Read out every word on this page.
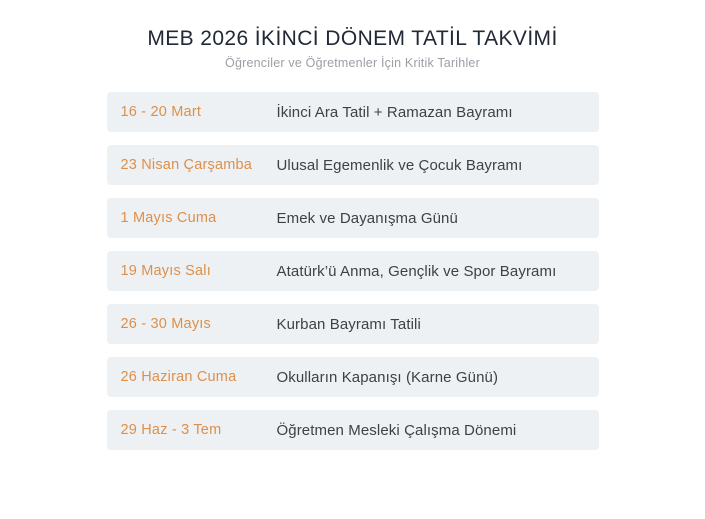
MEB 2026 İKİNCİ DÖNEM TATİL TAKVİMİ
Öğrenciler ve Öğretmenler İçin Kritik Tarihler
16 - 20 Mart	İkinci Ara Tatil + Ramazan Bayramı
23 Nisan Çarşamba	Ulusal Egemenlik ve Çocuk Bayramı
1 Mayıs Cuma	Emek ve Dayanışma Günü
19 Mayıs Salı	Atatürk’ü Anma, Gençlik ve Spor Bayramı
26 - 30 Mayıs	Kurban Bayramı Tatili
26 Haziran Cuma	Okulların Kapanışı (Karne Günü)
29 Haz - 3 Tem	Öğretmen Mesleki Çalışma Dönemi
